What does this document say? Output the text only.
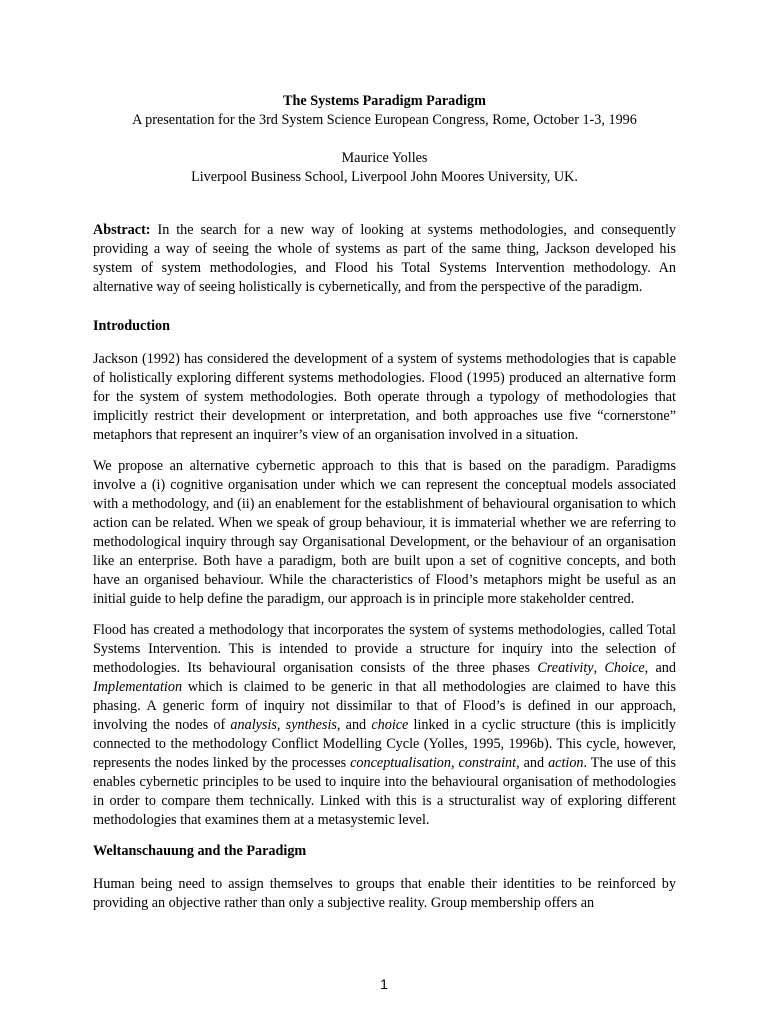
The Systems Paradigm Paradigm
A presentation for the 3rd System Science European Congress, Rome, October 1-3, 1996
Maurice Yolles
Liverpool Business School, Liverpool John Moores University, UK.

Abstract: In the search for a new way of looking at systems methodologies, and consequently providing a way of seeing the whole of systems as part of the same thing, Jackson developed his system of system methodologies, and Flood his Total Systems Intervention methodology. An alternative way of seeing holistically is cybernetically, and from the perspective of the paradigm.

Introduction

Jackson (1992) has considered the development of a system of systems methodologies that is capable of holistically exploring different systems methodologies. Flood (1995) produced an alternative form for the system of system methodologies. Both operate through a typology of methodologies that implicitly restrict their development or interpretation, and both approaches use five “cornerstone” metaphors that represent an inquirer’s view of an organisation involved in a situation.

We propose an alternative cybernetic approach to this that is based on the paradigm. Paradigms involve a (i) cognitive organisation under which we can represent the conceptual models associated with a methodology, and (ii) an enablement for the establishment of behavioural organisation to which action can be related. When we speak of group behaviour, it is immaterial whether we are referring to methodological inquiry through say Organisational Development, or the behaviour of an organisation like an enterprise. Both have a paradigm, both are built upon a set of cognitive concepts, and both have an organised behaviour. While the characteristics of Flood’s metaphors might be useful as an initial guide to help define the paradigm, our approach is in principle more stakeholder centred.

Flood has created a methodology that incorporates the system of systems methodologies, called Total Systems Intervention. This is intended to provide a structure for inquiry into the selection of methodologies. Its behavioural organisation consists of the three phases Creativity, Choice, and Implementation which is claimed to be generic in that all methodologies are claimed to have this phasing. A generic form of inquiry not dissimilar to that of Flood’s is defined in our approach, involving the nodes of analysis, synthesis, and choice linked in a cyclic structure (this is implicitly connected to the methodology Conflict Modelling Cycle (Yolles, 1995, 1996b). This cycle, however, represents the nodes linked by the processes conceptualisation, constraint, and action. The use of this enables cybernetic principles to be used to inquire into the behavioural organisation of methodologies in order to compare them technically. Linked with this is a structuralist way of exploring different methodologies that examines them at a metasystemic level.

Weltanschauung and the Paradigm

Human being need to assign themselves to groups that enable their identities to be reinforced by providing an objective rather than only a subjective reality. Group membership offers an

1
